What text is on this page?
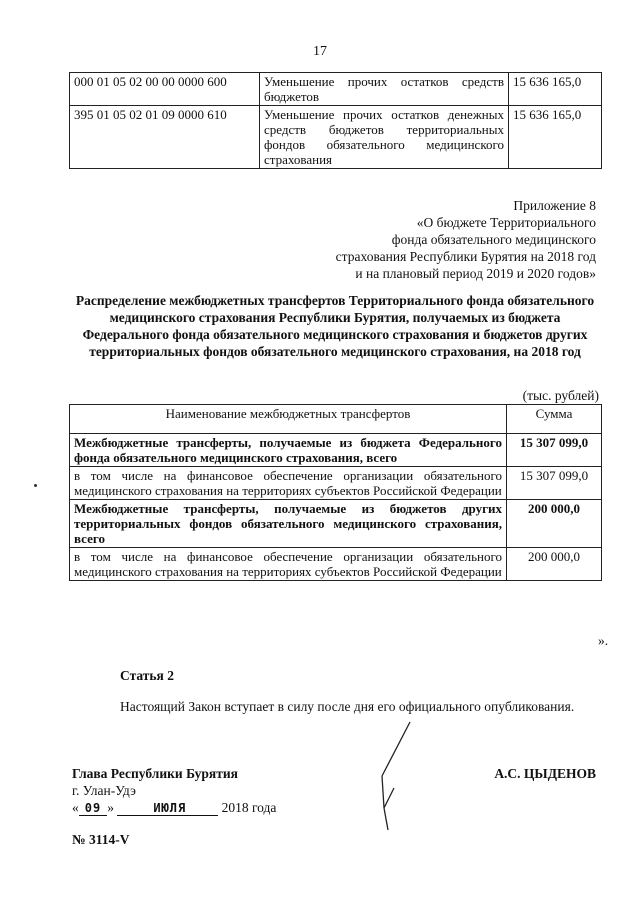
17
000 01 05 02 00 00 0000 600	Уменьшение прочих остатков средств бюджетов	15 636 165,0
395 01 05 02 01 09 0000 610	Уменьшение прочих остатков денежных средств бюджетов территориальных фондов обязательного медицинского страхования	15 636 165,0
Приложение 8
«О бюджете Территориального
фонда обязательного медицинского
страхования Республики Бурятия на 2018 год
и на плановый период 2019 и 2020 годов»
Распределение межбюджетных трансфертов Территориального фонда обязательного медицинского страхования Республики Бурятия, получаемых из бюджета Федерального фонда обязательного медицинского страхования и бюджетов других территориальных фондов обязательного медицинского страхования, на 2018 год
(тыс. рублей)
Наименование межбюджетных трансфертов	Сумма
Межбюджетные трансферты, получаемые из бюджета Федерального фонда обязательного медицинского страхования, всего	15 307 099,0
в том числе на финансовое обеспечение организации обязательного медицинского страхования на территориях субъектов Российской Федерации	15 307 099,0
Межбюджетные трансферты, получаемые из бюджетов других территориальных фондов обязательного медицинского страхования, всего	200 000,0
в том числе на финансовое обеспечение организации обязательного медицинского страхования на территориях субъектов Российской Федерации	200 000,0
».
Статья 2
Настоящий Закон вступает в силу после дня его официального опубликования.
Глава Республики Бурятия	А.С. ЦЫДЕНОВ
г. Улан-Удэ
« 09 »	ИЮЛЯ	2018 года
№ 3114-V
